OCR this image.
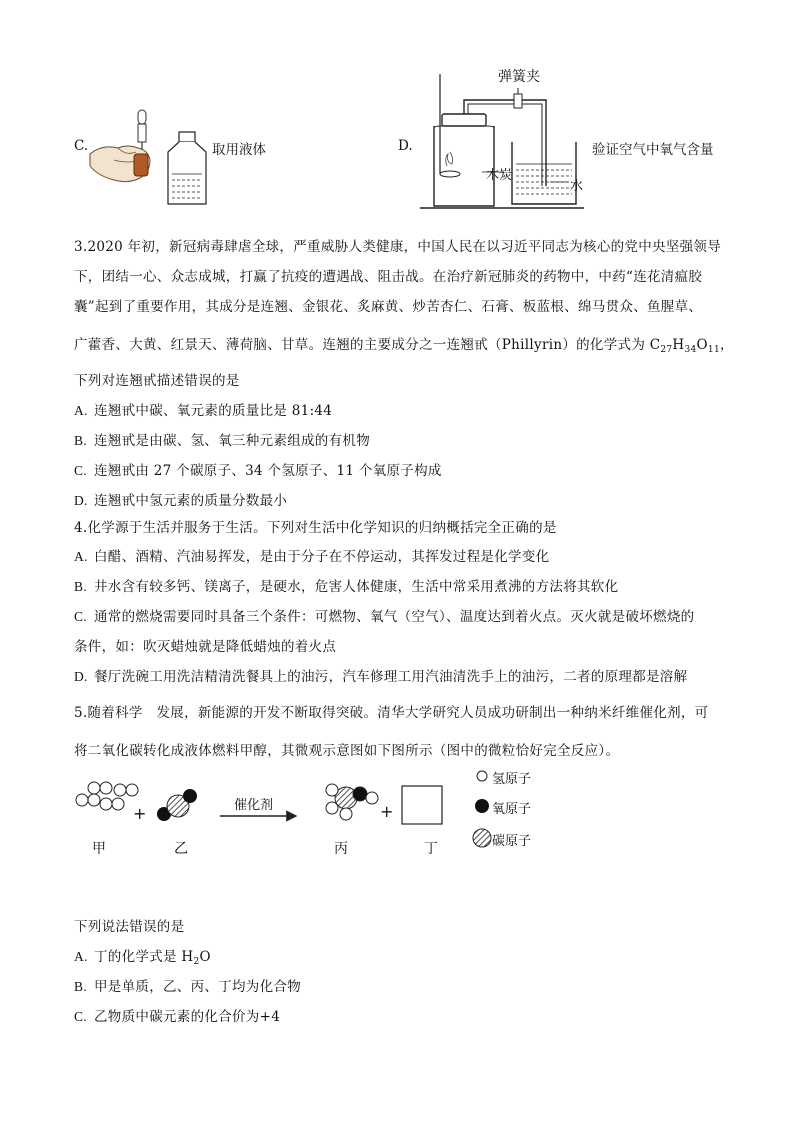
C.	取用液体	D.
弹簧夹
木炭
水
验证空气中氧气含量
3.2020 年初，新冠病毒肆虐全球，严重威胁人类健康，中国人民在以习近平同志为核心的党中央坚强领导
下，团结一心、众志成城，打赢了抗疫的遭遇战、阻击战。在治疗新冠肺炎的药物中，中药“连花清瘟胶
囊”起到了重要作用，其成分是连翘、金银花、炙麻黄、炒苦杏仁、石膏、板蓝根、绵马贯众、鱼腥草、
广藿香、大黄、红景天、薄荷脑、甘草。连翘的主要成分之一连翘甙（Phillyrin）的化学式为 $C_{27}H_{34}O_{11}$，
下列对连翘甙描述错误的是
A. 连翘甙中碳、氧元素的质量比是 81:44
B. 连翘甙是由碳、氢、氧三种元素组成的有机物
C. 连翘甙由 27 个碳原子、34 个氢原子、11 个氧原子构成
D. 连翘甙中氢元素的质量分数最小
4.化学源于生活并服务于生活。下列对生活中化学知识的归纳概括完全正确的是
A. 白醋、酒精、汽油易挥发，是由于分子在不停运动，其挥发过程是化学变化
B. 井水含有较多钙、镁离子，是硬水，危害人体健康，生活中常采用煮沸的方法将其软化
C. 通常的燃烧需要同时具备三个条件：可燃物、氧气（空气）、温度达到着火点。灭火就是破坏燃烧的
条件，如：吹灭蜡烛就是降低蜡烛的着火点
D. 餐厅洗碗工用洗洁精清洗餐具上的油污，汽车修理工用汽油清洗手上的油污，二者的原理都是溶解
5.随着科学　发展，新能源的开发不断取得突破。清华大学研究人员成功研制出一种纳米纤维催化剂，可
将二氧化碳转化成液体燃料甲醇，其微观示意图如下图所示（图中的微粒恰好完全反应）。
催化剂
+	+
甲	乙	丙	丁
氢原子
氧原子
碳原子
下列说法错误的是
A. 丁的化学式是 $H_2O$
B. 甲是单质，乙、丙、丁均为化合物
C. 乙物质中碳元素的化合价为+4
